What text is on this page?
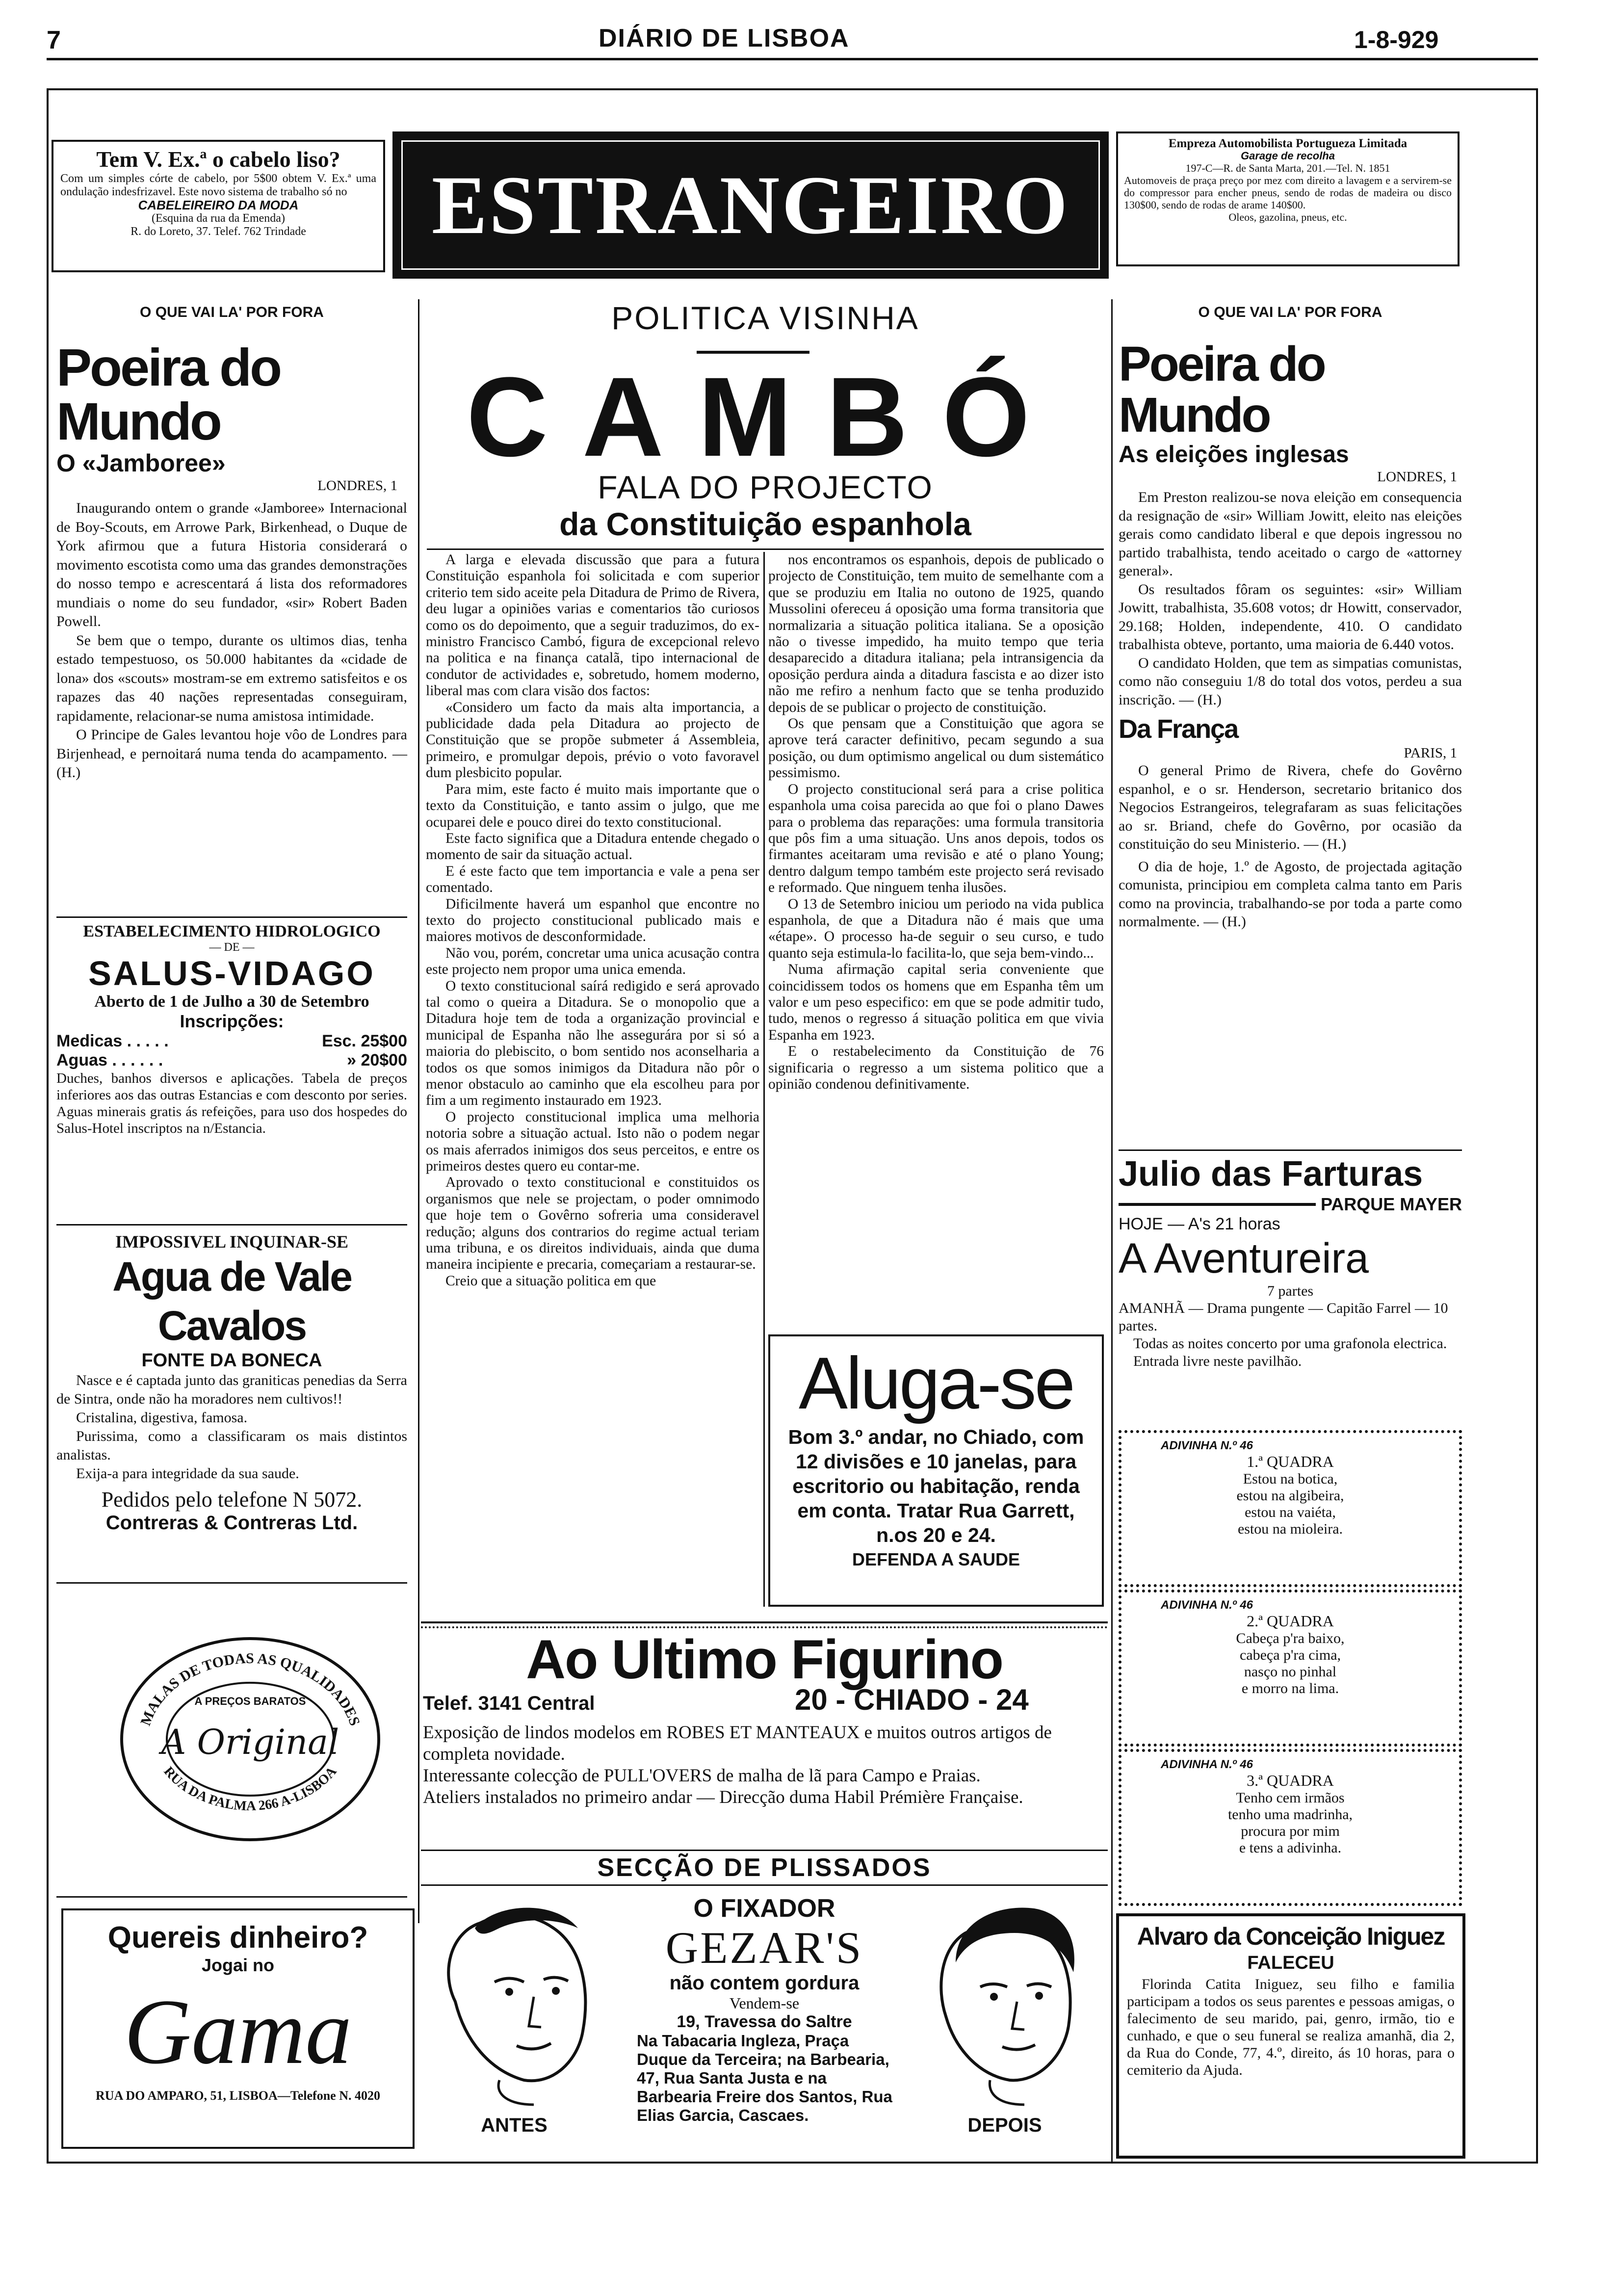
7	DIÁRIO DE LISBOA	1-8-929
Tem V. Ex.ª o cabelo liso?

Com um simples córte de cabelo, por 5$00 obtem V. Ex.ª uma ondulação indesfrizavel. Este novo sistema de trabalho só no

CABELEIREIRO DA MODA
(Esquina da rua da Emenda)
R. do Loreto, 37. Telef. 762 Trindade	ESTRANGEIRO
Empreza Automobilista Portugueza Limitada
Garage de recolha
197-C—R. de Santa Marta, 201.—Tel. N. 1851

Automoveis de praça preço por mez com direito a lavagem e a servirem-se do compressor para encher pneus, sendo de rodas de madeira ou disco 130$00, sendo de rodas de arame 140$00.

Oleos, gazolina, pneus, etc.
O QUE VAI LA' POR FORA
Poeira do Mundo
O «Jamboree»
LONDRES, 1

Inaugurando ontem o grande «Jamboree» Internacional de Boy-Scouts, em Arrowe Park, Birkenhead, o Duque de York afirmou que a futura Historia considerará o movimento escotista como uma das grandes demonstrações do nosso tempo e acrescentará á lista dos reformadores mundiais o nome do seu fundador, «sir» Robert Baden Powell.

Se bem que o tempo, durante os ultimos dias, tenha estado tempestuoso, os 50.000 habitantes da «cidade de lona» dos «scouts» mostram-se em extremo satisfeitos e os rapazes das 40 nações representadas conseguiram, rapidamente, relacionar-se numa amistosa intimidade.

O Principe de Gales levantou hoje vôo de Londres para Birjenhead, e pernoitará numa tenda do acampamento. — (H.)

ESTABELECIMENTO HIDROLOGICO
— DE —
SALUS-VIDAGO
Aberto de 1 de Julho a 30 de Setembro
Inscripções:
Medicas . . . . .	Esc. 25$00
Aguas . . . . . .	» 20$00

Duches, banhos diversos e aplicações. Tabela de preços inferiores aos das outras Estancias e com desconto por series. Aguas minerais gratis ás refeições, para uso dos hospedes do Salus-Hotel inscriptos na n/Estancia.

IMPOSSIVEL INQUINAR-SE
Agua de Vale Cavalos
FONTE DA BONECA

Nasce e é captada junto das graniticas penedias da Serra de Sintra, onde não ha moradores nem cultivos!!

Cristalina, digestiva, famosa.

Purissima, como a classificaram os mais distintos analistas.

Exija-a para integridade da sua saude.

Pedidos pelo telefone N 5072.
Contreras & Contreras Ltd.
MALAS DE TODAS AS QUALIDADES
RUA DA PALMA 266 A-LISBOA
A PREÇOS BARATOS
A Original
Quereis dinheiro?
Jogai no
Gama
RUA DO AMPARO, 51, LISBOA—Telefone N. 4020
POLITICA VISINHA
CAMBÓ
FALA DO PROJECTO
da Constituição espanhola

A larga e elevada discussão que para a futura Constituição espanhola foi solicitada e com superior criterio tem sido aceite pela Ditadura de Primo de Rivera, deu lugar a opiniões varias e comentarios tão curiosos como os do depoimento, que a seguir traduzimos, do ex-ministro Francisco Cambó, figura de excepcional relevo na politica e na finança catalã, tipo internacional de condutor de actividades e, sobretudo, homem moderno, liberal mas com clara visão dos factos:

«Considero um facto da mais alta importancia, a publicidade dada pela Ditadura ao projecto de Constituição que se propõe submeter á Assembleia, primeiro, e promulgar depois, prévio o voto favoravel dum plesbicito popular.

Para mim, este facto é muito mais importante que o texto da Constituição, e tanto assim o julgo, que me ocuparei dele e pouco direi do texto constitucional.

Este facto significa que a Ditadura entende chegado o momento de sair da situação actual.

E é este facto que tem importancia e vale a pena ser comentado.

Dificilmente haverá um espanhol que encontre no texto do projecto constitucional publicado mais e maiores motivos de desconformidade.

Não vou, porém, concretar uma unica acusação contra este projecto nem propor uma unica emenda.

O texto constitucional saírá redigido e será aprovado tal como o queira a Ditadura. Se o monopolio que a Ditadura hoje tem de toda a organização provincial e municipal de Espanha não lhe assegurára por si só a maioria do plebiscito, o bom sentido nos aconselharia a todos os que somos inimigos da Ditadura não pôr o menor obstaculo ao caminho que ela escolheu para por fim a um regimento instaurado em 1923.

O projecto constitucional implica uma melhoria notoria sobre a situação actual. Isto não o podem negar os mais aferrados inimigos dos seus perceitos, e entre os primeiros destes quero eu contar-me.

Aprovado o texto constitucional e constituidos os organismos que nele se projectam, o poder omnimodo que hoje tem o Govêrno sofreria uma consideravel redução; alguns dos contrarios do regime actual teriam uma tribuna, e os direitos individuais, ainda que duma maneira incipiente e precaria, começariam a restaurar-se.

Creio que a situação politica em que

nos encontramos os espanhois, depois de publicado o projecto de Constituição, tem muito de semelhante com a que se produziu em Italia no outono de 1925, quando Mussolini ofereceu á oposição uma forma transitoria que normalizaria a situação politica italiana. Se a oposição não o tivesse impedido, ha muito tempo que teria desaparecido a ditadura italiana; pela intransigencia da oposição perdura ainda a ditadura fascista e ao dizer isto não me refiro a nenhum facto que se tenha produzido depois de se publicar o projecto de constituição.

Os que pensam que a Constituição que agora se aprove terá caracter definitivo, pecam segundo a sua posição, ou dum optimismo angelical ou dum sistemático pessimismo.

O projecto constitucional será para a crise politica espanhola uma coisa parecida ao que foi o plano Dawes para o problema das reparações: uma formula transitoria que pôs fim a uma situação. Uns anos depois, todos os firmantes aceitaram uma revisão e até o plano Young; dentro dalgum tempo também este projecto será revisado e reformado. Que ninguem tenha ilusões.

O 13 de Setembro iniciou um periodo na vida publica espanhola, de que a Ditadura não é mais que uma «étape». O processo ha-de seguir o seu curso, e tudo quanto seja estimula-lo facilita-lo, que seja bem-vindo...

Numa afirmação capital seria conveniente que coincidissem todos os homens que em Espanha têm um valor e um peso especifico: em que se pode admitir tudo, tudo, menos o regresso á situação politica em que vivia Espanha em 1923.

E o restabelecimento da Constituição de 76 significaria o regresso a um sistema politico que a opinião condenou definitivamente.

Aluga-se

Bom 3.º andar, no Chiado, com 12 divisões e 10 janelas, para escritorio ou habitação, renda em conta. Tratar Rua Garrett, n.os 20 e 24.

DEFENDA A SAUDE
Ao Ultimo Figurino
Telef. 3141 Central	20 - CHIADO - 24

Exposição de lindos modelos em ROBES ET MANTEAUX e muitos outros artigos de completa novidade.

Interessante colecção de PULL'OVERS de malha de lã para Campo e Praias.

Ateliers instalados no primeiro andar — Direcção duma Habil Prémière Française.

SECÇÃO DE PLISSADOS
ANTES
O FIXADOR
GEZAR'S
não contem gordura
Vendem-se
19, Travessa do Saltre

Na Tabacaria Ingleza, Praça Duque da Terceira; na Barbearia, 47, Rua Santa Justa e na Barbearia Freire dos Santos, Rua Elias Garcia, Cascaes.	DEPOIS
O QUE VAI LA' POR FORA
Poeira do Mundo
As eleições inglesas
LONDRES, 1

Em Preston realizou-se nova eleição em consequencia da resignação de «sir» William Jowitt, eleito nas eleições gerais como candidato liberal e que depois ingressou no partido trabalhista, tendo aceitado o cargo de «attorney general».

Os resultados fôram os seguintes: «sir» William Jowitt, trabalhista, 35.608 votos; dr Howitt, conservador, 29.168; Holden, independente, 410. O candidato trabalhista obteve, portanto, uma maioria de 6.440 votos.

O candidato Holden, que tem as simpatias comunistas, como não conseguiu 1/8 do total dos votos, perdeu a sua inscrição. — (H.)

Da França
PARIS, 1

O general Primo de Rivera, chefe do Govêrno espanhol, e o sr. Henderson, secretario britanico dos Negocios Estrangeiros, telegrafaram as suas felicitações ao sr. Briand, chefe do Govêrno, por ocasião da constituição do seu Ministerio. — (H.)

O dia de hoje, 1.º de Agosto, de projectada agitação comunista, principiou em completa calma tanto em Paris como na provincia, trabalhando-se por toda a parte como normalmente. — (H.)

Julio das Farturas
PARQUE MAYER
HOJE — A's 21 horas
A Aventureira
7 partes

AMANHÃ — Drama pungente — Capitão Farrel — 10 partes.

Todas as noites concerto por uma grafonola electrica.

Entrada livre neste pavilhão.

ADIVINHA N.º 46
1.ª QUADRA
Estou na botica,
estou na algibeira,
estou na vaiéta,
estou na mioleira.
ADIVINHA N.º 46
2.ª QUADRA
Cabeça p'ra baixo,
cabeça p'ra cima,
nasço no pinhal
e morro na lima.
ADIVINHA N.º 46
3.ª QUADRA
Tenho cem irmãos
tenho uma madrinha,
procura por mim
e tens a adivinha.
Alvaro da Conceição Iniguez
FALECEU

Florinda Catita Iniguez, seu filho e familia participam a todos os seus parentes e pessoas amigas, o falecimento de seu marido, pai, genro, irmão, tio e cunhado, e que o seu funeral se realiza amanhã, dia 2, da Rua do Conde, 77, 4.º, direito, ás 10 horas, para o cemiterio da Ajuda.
